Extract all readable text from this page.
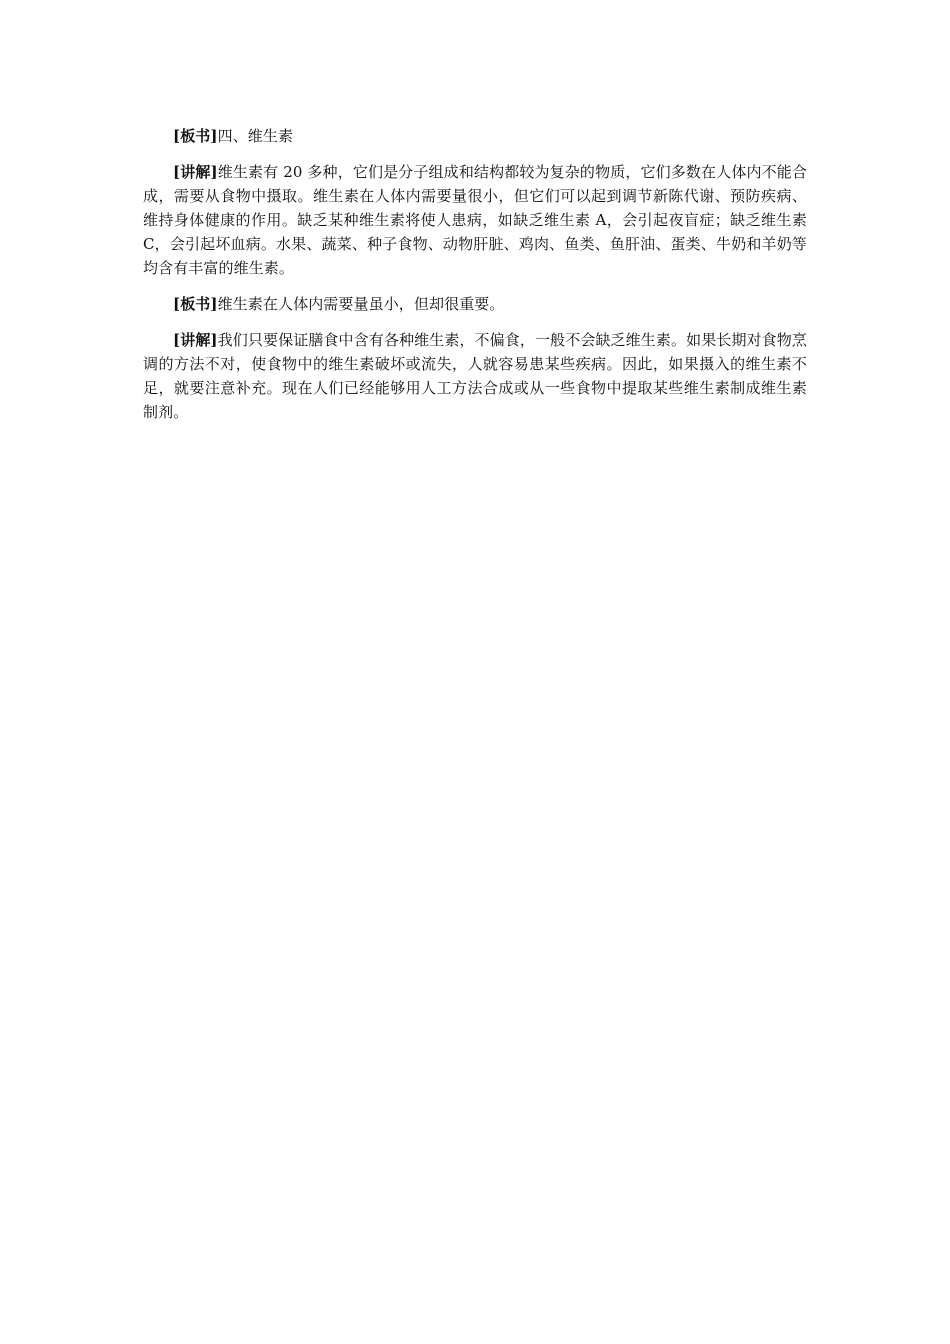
[板书]四、维生素

[讲解]维生素有 20 多种，它们是分子组成和结构都较为复杂的物质，它们多数在人体内不能合成，需要从食物中摄取。维生素在人体内需要量很小，但它们可以起到调节新陈代谢、预防疾病、维持身体健康的作用。缺乏某种维生素将使人患病，如缺乏维生素 A，会引起夜盲症；缺乏维生素 C，会引起坏血病。水果、蔬菜、种子食物、动物肝脏、鸡肉、鱼类、鱼肝油、蛋类、牛奶和羊奶等均含有丰富的维生素。

[板书]维生素在人体内需要量虽小，但却很重要。

[讲解]我们只要保证膳食中含有各种维生素，不偏食，一般不会缺乏维生素。如果长期对食物烹调的方法不对，使食物中的维生素破坏或流失，人就容易患某些疾病。因此，如果摄入的维生素不足，就要注意补充。现在人们已经能够用人工方法合成或从一些食物中提取某些维生素制成维生素制剂。
